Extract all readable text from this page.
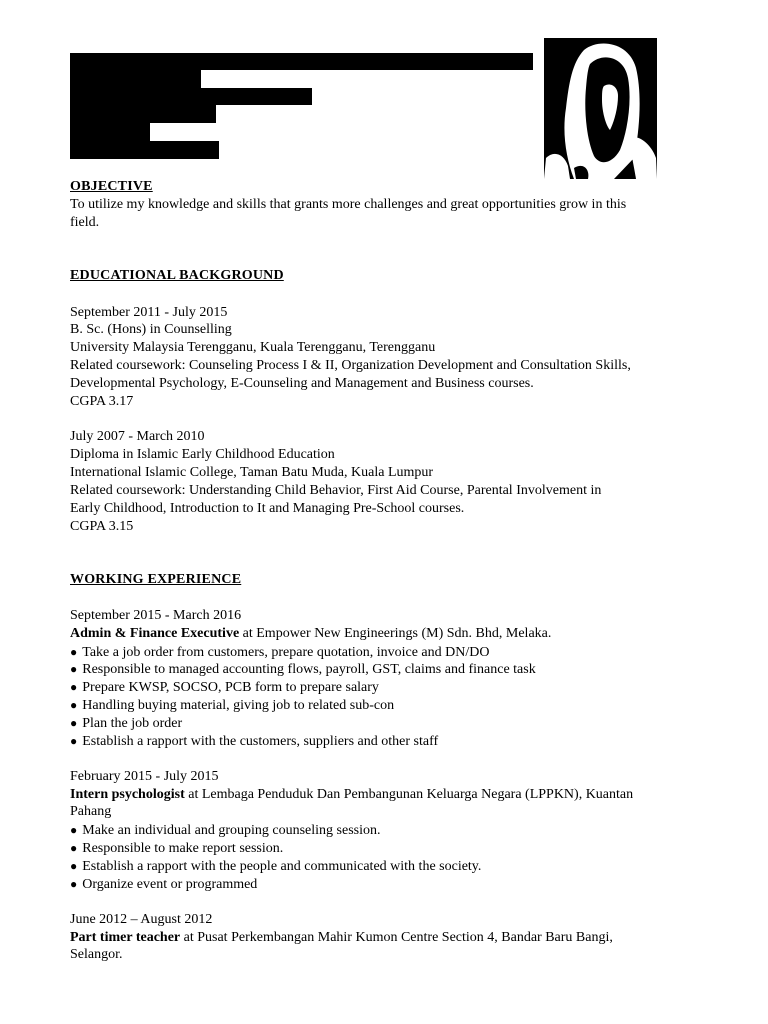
OBJECTIVE
To utilize my knowledge and skills that grants more challenges and great opportunities grow in this
field.
EDUCATIONAL BACKGROUND
September 2011 - July 2015
B. Sc. (Hons) in Counselling
University Malaysia Terengganu, Kuala Terengganu, Terengganu
Related coursework: Counseling Process I & II, Organization Development and Consultation Skills,
Developmental Psychology, E-Counseling and Management and Business courses.
CGPA 3.17
July 2007 - March 2010
Diploma in Islamic Early Childhood Education
International Islamic College, Taman Batu Muda, Kuala Lumpur
Related coursework: Understanding Child Behavior, First Aid Course, Parental Involvement in
Early Childhood, Introduction to It and Managing Pre-School courses.
CGPA 3.15
WORKING EXPERIENCE
September 2015 - March 2016
Admin & Finance Executive at Empower New Engineerings (M) Sdn. Bhd, Melaka.
● Take a job order from customers, prepare quotation, invoice and DN/DO
● Responsible to managed accounting flows, payroll, GST, claims and finance task
● Prepare KWSP, SOCSO, PCB form to prepare salary
● Handling buying material, giving job to related sub-con
● Plan the job order
● Establish a rapport with the customers, suppliers and other staff
February 2015 - July 2015
Intern psychologist at Lembaga Penduduk Dan Pembangunan Keluarga Negara (LPPKN), Kuantan
Pahang
● Make an individual and grouping counseling session.
● Responsible to make report session.
● Establish a rapport with the people and communicated with the society.
● Organize event or programmed
June 2012 – August 2012
Part timer teacher at Pusat Perkembangan Mahir Kumon Centre Section 4, Bandar Baru Bangi,
Selangor.
